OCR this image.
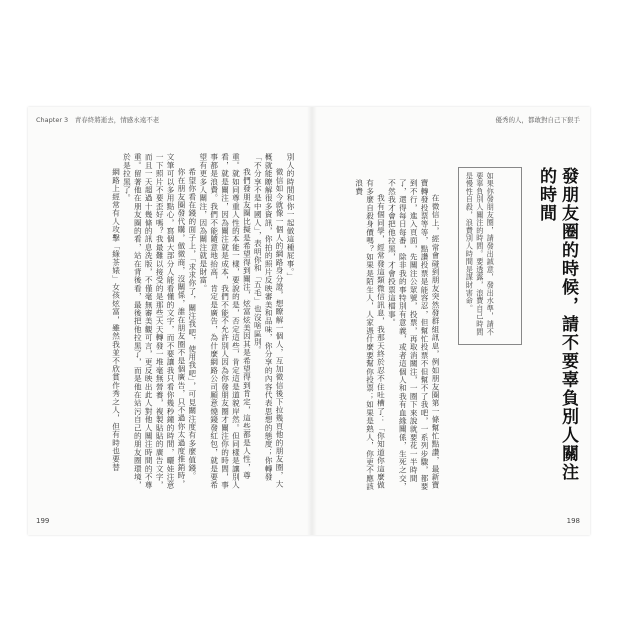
Chapter 3　青春終將逝去，情感永遠不老

別人的時間和你一起做這種屁事。」

微信如今就像一個人的網路身分證，想瞭解一個人，互加微信後下拉幾頁他的朋友圈，大概就能瞭解很多資訊，你拍的照片反映審美和品味，你分享的內容代表思想的態度；你轉發「不分享不是中國人」，表明你和「五毛」也沒啥區別。

我們發朋友圈比擬是希望得到關注，炫富炫美因其是希望得到肯定，這些都是人性，尊重。就如同尊重人性的本能一樣，要說的是，否定這些，肯定這是道貌岸然。但同樣是讓別人看，就是關注，因為關注就是成本，我們不能不允許別人因為你發朋友圈才關注你的時間，事事都是浪費。我們不能隨意地抬高，肯定是廣告，為什麼網路公司願意燒錢發紅包，就是要希望有更多人關注，因為關注就是財富。

希望你看在錢的面子上，「求求你了，關注我吧，使用我吧」，可見關注度有多麼值錢。

你在朋友圈發代購，做微商，沒關係，誰在朋友圈不是個廣告，只不過你太過度推銷時，文筆可以多用點心，寫個大部分人能看懂的文字，而不要讓我只看你幾秒鐘的時間，曬娃注意一下照片不要歪好嗎？我最難以接受的是那些天天轉發一堆毫無營養，複製貼貼的廣告文字，而且一天超過十幾條的訊息洗版，不僅毫無審美觀可言，更反映出此人對他人關注時間的不尊重。留著他在朋友圈的看，站在背後看，最後把他拉黑了，而是他在站污自己的朋友圈環境，於是拉黑了。

網路上經常有人攻擊「綠茶婊」女孩炫富，雖然我並不欣賞作秀之人，但有時也要替

199
優秀的人，都敢對自己下狠手
發朋友圈的時候，請不要辜負別人關注的時間
如果你發朋友圈，請發出誠意，發出水準，請不要辜負別人關注的時間。要透露，浪費自己時間是慢性自殺，浪費別人時間是謀財害命。

在微信上，經常會碰到朋友突然發群組訊息，例如朋友圈第一條幫忙點讚，最新寶寶轉發投票等等，點讚投票是能容忍，但幫忙投票不但幫不了我吧，一系列步驟，都要到不行，進入頁面，先關注公眾號，投票，再取消關注，一圈下來說就要花一半時間了，還得每日每番，除非我的事特別有意義，或者這個人和我有血緣關係，生死之交，不然我才會把他拉黑，才會投票這檔事。

我有個同學，經常發這類微信訊息，我那天終於忍不住吐槽了：「你知道你這麼做有多麼自殺身價嗎？如果是陌生人，人家憑什麼要幫你投票；如果是熟人，你更不應該浪費

198
